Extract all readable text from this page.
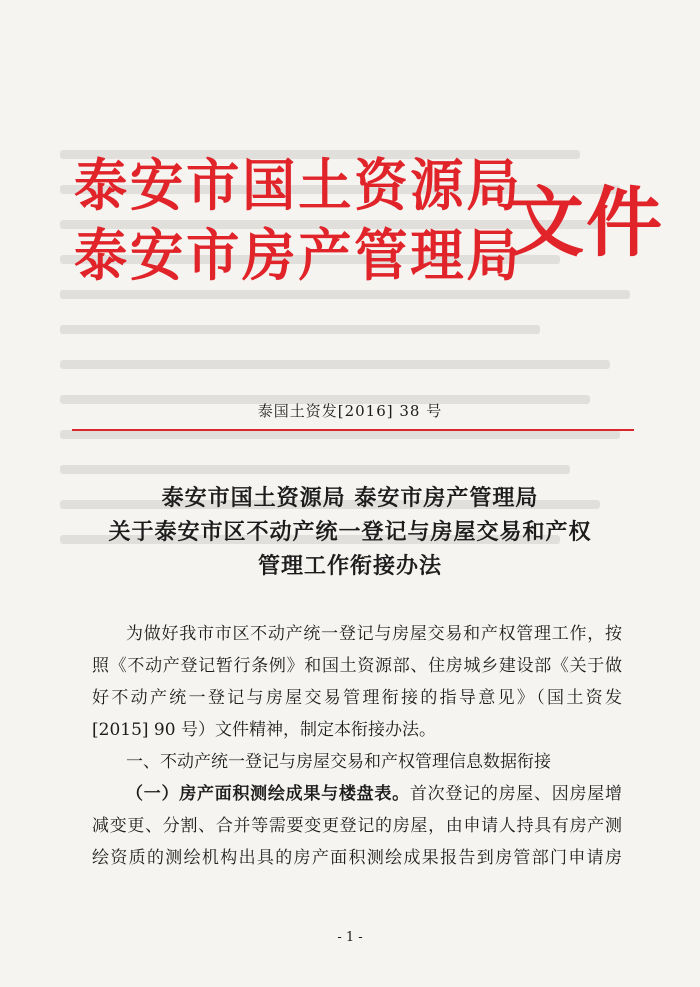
泰安市国土资源局
泰安市房产管理局
文件
泰国土资发[2016] 38 号
泰安市国土资源局 泰安市房产管理局
关于泰安市区不动产统一登记与房屋交易和产权
管理工作衔接办法
为做好我市市区不动产统一登记与房屋交易和产权管理工作，按
照《不动产登记暂行条例》和国土资源部、住房城乡建设部《关于做
好不动产统一登记与房屋交易管理衔接的指导意见》（国土资发
[2015] 90 号）文件精神，制定本衔接办法。
一、不动产统一登记与房屋交易和产权管理信息数据衔接
（一）房产面积测绘成果与楼盘表。首次登记的房屋、因房屋增
减变更、分割、合并等需要变更登记的房屋，由申请人持具有房产测
绘资质的测绘机构出具的房产面积测绘成果报告到房管部门申请房
- 1 -
